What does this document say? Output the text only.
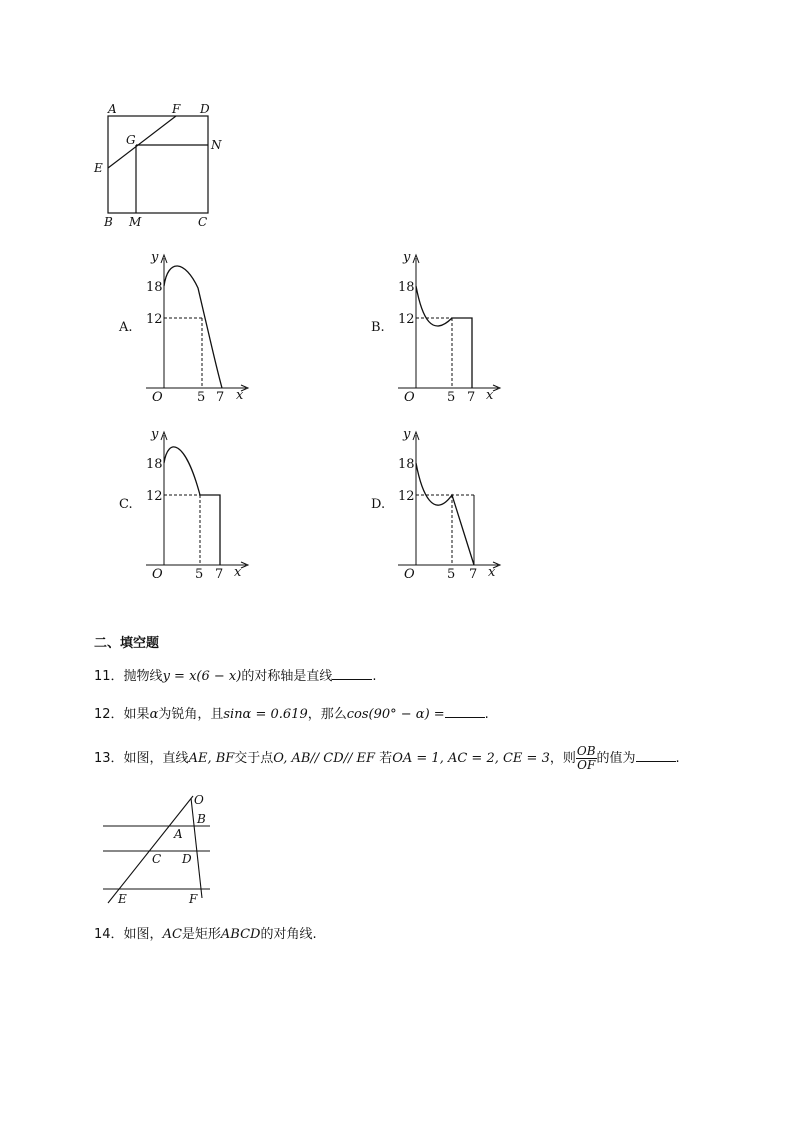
A	F D
G	N
E
B M	C
A.
18
12
O	5 7 x
y
B.
18
12
O 5 7 x
y
C.
18
12
O 5 7 x
y
D.
18
12
O 5 7 x
y
二、填空题
11．抛物线y = x(6 − x)的对称轴是直线	.
12．如果α为锐角，且sinα = 0.619，那么cos(90° − α) =	.
13．如图，直线AE, BF交于点O, AB// CD// EF 若OA = 1, AC = 2, CE = 3，则 $\frac{OB}{OF}$ 的值为	.
O
B
A
C D
E	F
14．如图，AC是矩形ABCD的对角线.
